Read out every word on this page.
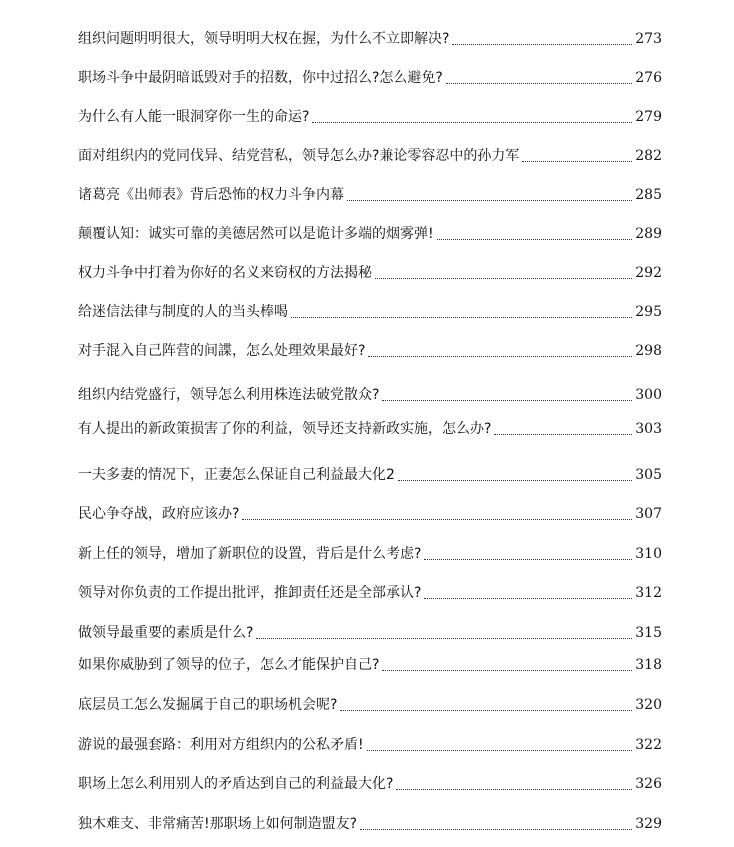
组织问题明明很大，领导明明大权在握，为什么不立即解决?	273
职场斗争中最阴暗诋毁对手的招数，你中过招么?怎么避免?	276
为什么有人能一眼洞穿你一生的命运?	279
面对组织内的党同伐异、结党营私，领导怎么办?兼论零容忍中的孙力军	282
诸葛亮《出师表》背后恐怖的权力斗争内幕	285
颠覆认知：诚实可靠的美德居然可以是诡计多端的烟雾弹!	289
权力斗争中打着为你好的名义来窃权的方法揭秘	292
给迷信法律与制度的人的当头棒喝	295
对手混入自己阵营的间諜，怎么处理效果最好?	298
组织内结党盛行，领导怎么利用株连法破党散众?	300
有人提出的新政策损害了你的利益，领导还支持新政实施，怎么办?	303
一夫多妻的情况下，正妻怎么保证自己利益最大化2	305
民心争夺战，政府应该办?	307
新上任的领导，增加了新职位的设置，背后是什么考虑?	310
领导对你负责的工作提出批评，推卸责任还是全部承认?	312
做领导最重要的素质是什么?	315
如果你威胁到了领导的位子，怎么才能保护自己?	318
底层员工怎么发掘属于自己的职场机会呢?	320
游说的最强套路：利用对方组织内的公私矛盾!	322
职场上怎么利用别人的矛盾达到自己的利益最大化?	326
独木难支、非常痛苦!那职场上如何制造盟友?	329
